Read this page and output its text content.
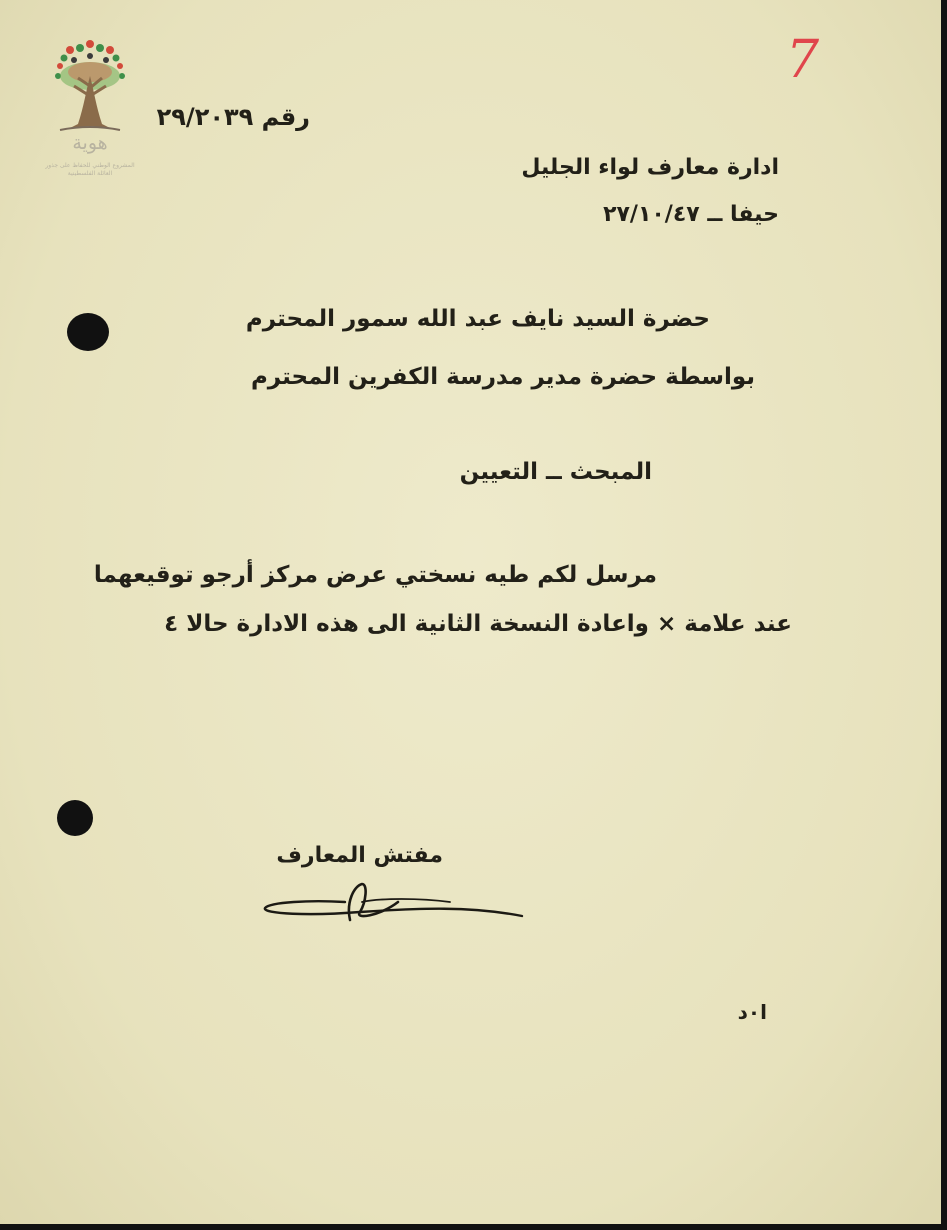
هوية
المشروع الوطني للحفاظ على جذور العائلة الفلسطينية
7
رقم ٢٩/٢٠٣٩
ادارة معارف لواء الجليل
حيفا ــ ٢٧/١٠/٤٧
حضرة السيد نايف عبد الله سمور المحترم
بواسطة حضرة مدير مدرسة الكفرين المحترم
المبحث ــ التعيين
مرسل لكم طيه نسختي عرض مركز أرجو توقيعهما
عند علامة × واعادة النسخة الثانية الى هذه الادارة حالا ٤
مفتش المعارف
ا٠د
